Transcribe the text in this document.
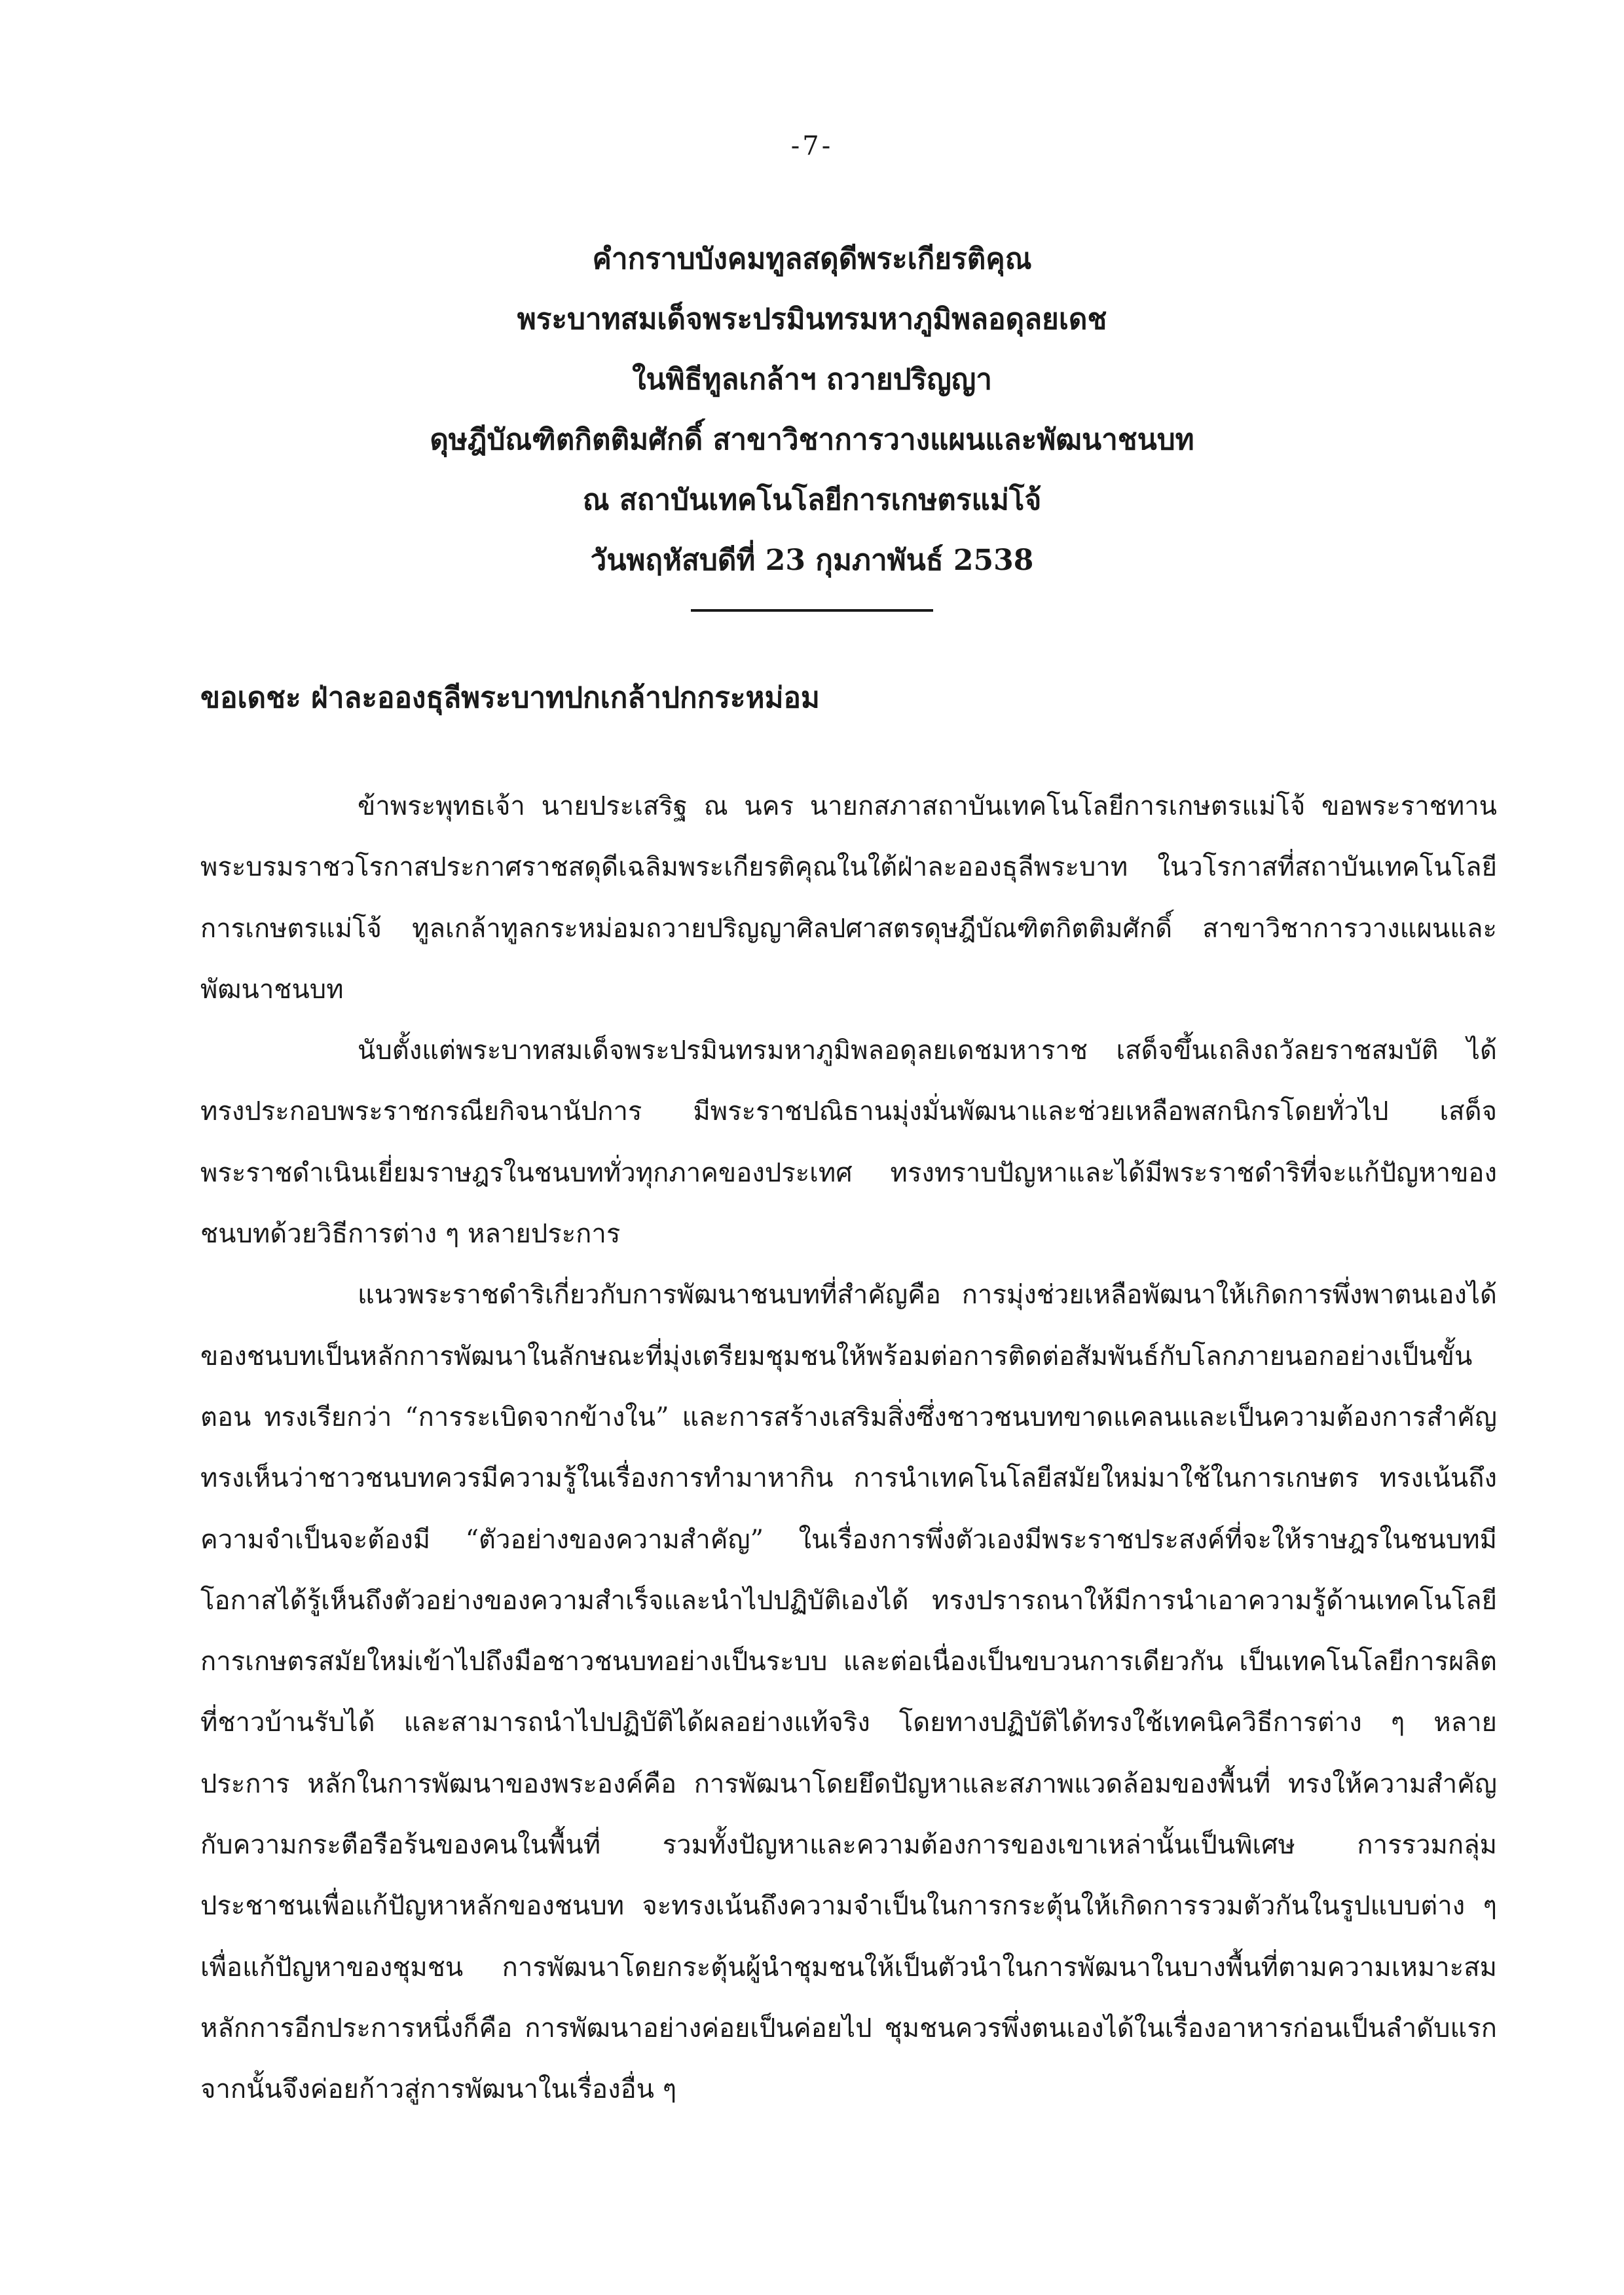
-7-
คำกราบบังคมทูลสดุดีพระเกียรติคุณ
พระบาทสมเด็จพระปรมินทรมหาภูมิพลอดุลยเดช
ในพิธีทูลเกล้าฯ ถวายปริญญา
ดุษฎีบัณฑิตกิตติมศักดิ์ สาขาวิชาการวางแผนและพัฒนาชนบท
ณ สถาบันเทคโนโลยีการเกษตรแม่โจ้
วันพฤหัสบดีที่ 23 กุมภาพันธ์ 2538
ขอเดชะ ฝ่าละอองธุลีพระบาทปกเกล้าปกกระหม่อม

ข้าพระพุทธเจ้า นายประเสริฐ ณ นคร นายกสภาสถาบันเทคโนโลยีการเกษตรแม่โจ้ ขอพระราชทานพระบรมราชวโรกาสประกาศราชสดุดีเฉลิมพระเกียรติคุณในใต้ฝ่าละอองธุลีพระบาท ในวโรกาสที่สถาบันเทคโนโลยีการเกษตรแม่โจ้ ทูลเกล้าทูลกระหม่อมถวายปริญญาศิลปศาสตรดุษฎีบัณฑิตกิตติมศักดิ์ สาขาวิชาการวางแผนและพัฒนาชนบท

นับตั้งแต่พระบาทสมเด็จพระปรมินทรมหาภูมิพลอดุลยเดชมหาราช เสด็จขึ้นเถลิงถวัลยราชสมบัติ ได้ทรงประกอบพระราชกรณียกิจนานัปการ มีพระราชปณิธานมุ่งมั่นพัฒนาและช่วยเหลือพสกนิกรโดยทั่วไป เสด็จพระราชดำเนินเยี่ยมราษฎรในชนบททั่วทุกภาคของประเทศ ทรงทราบปัญหาและได้มีพระราชดำริที่จะแก้ปัญหาของชนบทด้วยวิธีการต่าง ๆ หลายประการ

แนวพระราชดำริเกี่ยวกับการพัฒนาชนบทที่สำคัญคือ การมุ่งช่วยเหลือพัฒนาให้เกิดการพึ่งพาตนเองได้ของชนบทเป็นหลักการพัฒนาในลักษณะที่มุ่งเตรียมชุมชนให้พร้อมต่อการติดต่อสัมพันธ์กับโลกภายนอกอย่างเป็นขั้นตอน ทรงเรียกว่า “การระเบิดจากข้างใน” และการสร้างเสริมสิ่งซึ่งชาวชนบทขาดแคลนและเป็นความต้องการสำคัญ ทรงเห็นว่าชาวชนบทควรมีความรู้ในเรื่องการทำมาหากิน การนำเทคโนโลยีสมัยใหม่มาใช้ในการเกษตร ทรงเน้นถึงความจำเป็นจะต้องมี “ตัวอย่างของความสำคัญ” ในเรื่องการพึ่งตัวเองมีพระราชประสงค์ที่จะให้ราษฎรในชนบทมีโอกาสได้รู้เห็นถึงตัวอย่างของความสำเร็จและนำไปปฏิบัติเองได้ ทรงปรารถนาให้มีการนำเอาความรู้ด้านเทคโนโลยีการเกษตรสมัยใหม่เข้าไปถึงมือชาวชนบทอย่างเป็นระบบ และต่อเนื่องเป็นขบวนการเดียวกัน เป็นเทคโนโลยีการผลิตที่ชาวบ้านรับได้ และสามารถนำไปปฏิบัติได้ผลอย่างแท้จริง โดยทางปฏิบัติได้ทรงใช้เทคนิควิธีการต่าง ๆ หลายประการ หลักในการพัฒนาของพระองค์คือ การพัฒนาโดยยึดปัญหาและสภาพแวดล้อมของพื้นที่ ทรงให้ความสำคัญกับความกระตือรือร้นของคนในพื้นที่ รวมทั้งปัญหาและความต้องการของเขาเหล่านั้นเป็นพิเศษ การรวมกลุ่มประชาชนเพื่อแก้ปัญหาหลักของชนบท จะทรงเน้นถึงความจำเป็นในการกระตุ้นให้เกิดการรวมตัวกันในรูปแบบต่าง ๆ เพื่อแก้ปัญหาของชุมชน การพัฒนาโดยกระตุ้นผู้นำชุมชนให้เป็นตัวนำในการพัฒนาในบางพื้นที่ตามความเหมาะสม หลักการอีกประการหนึ่งก็คือ การพัฒนาอย่างค่อยเป็นค่อยไป ชุมชนควรพึ่งตนเองได้ในเรื่องอาหารก่อนเป็นลำดับแรก จากนั้นจึงค่อยก้าวสู่การพัฒนาในเรื่องอื่น ๆ
